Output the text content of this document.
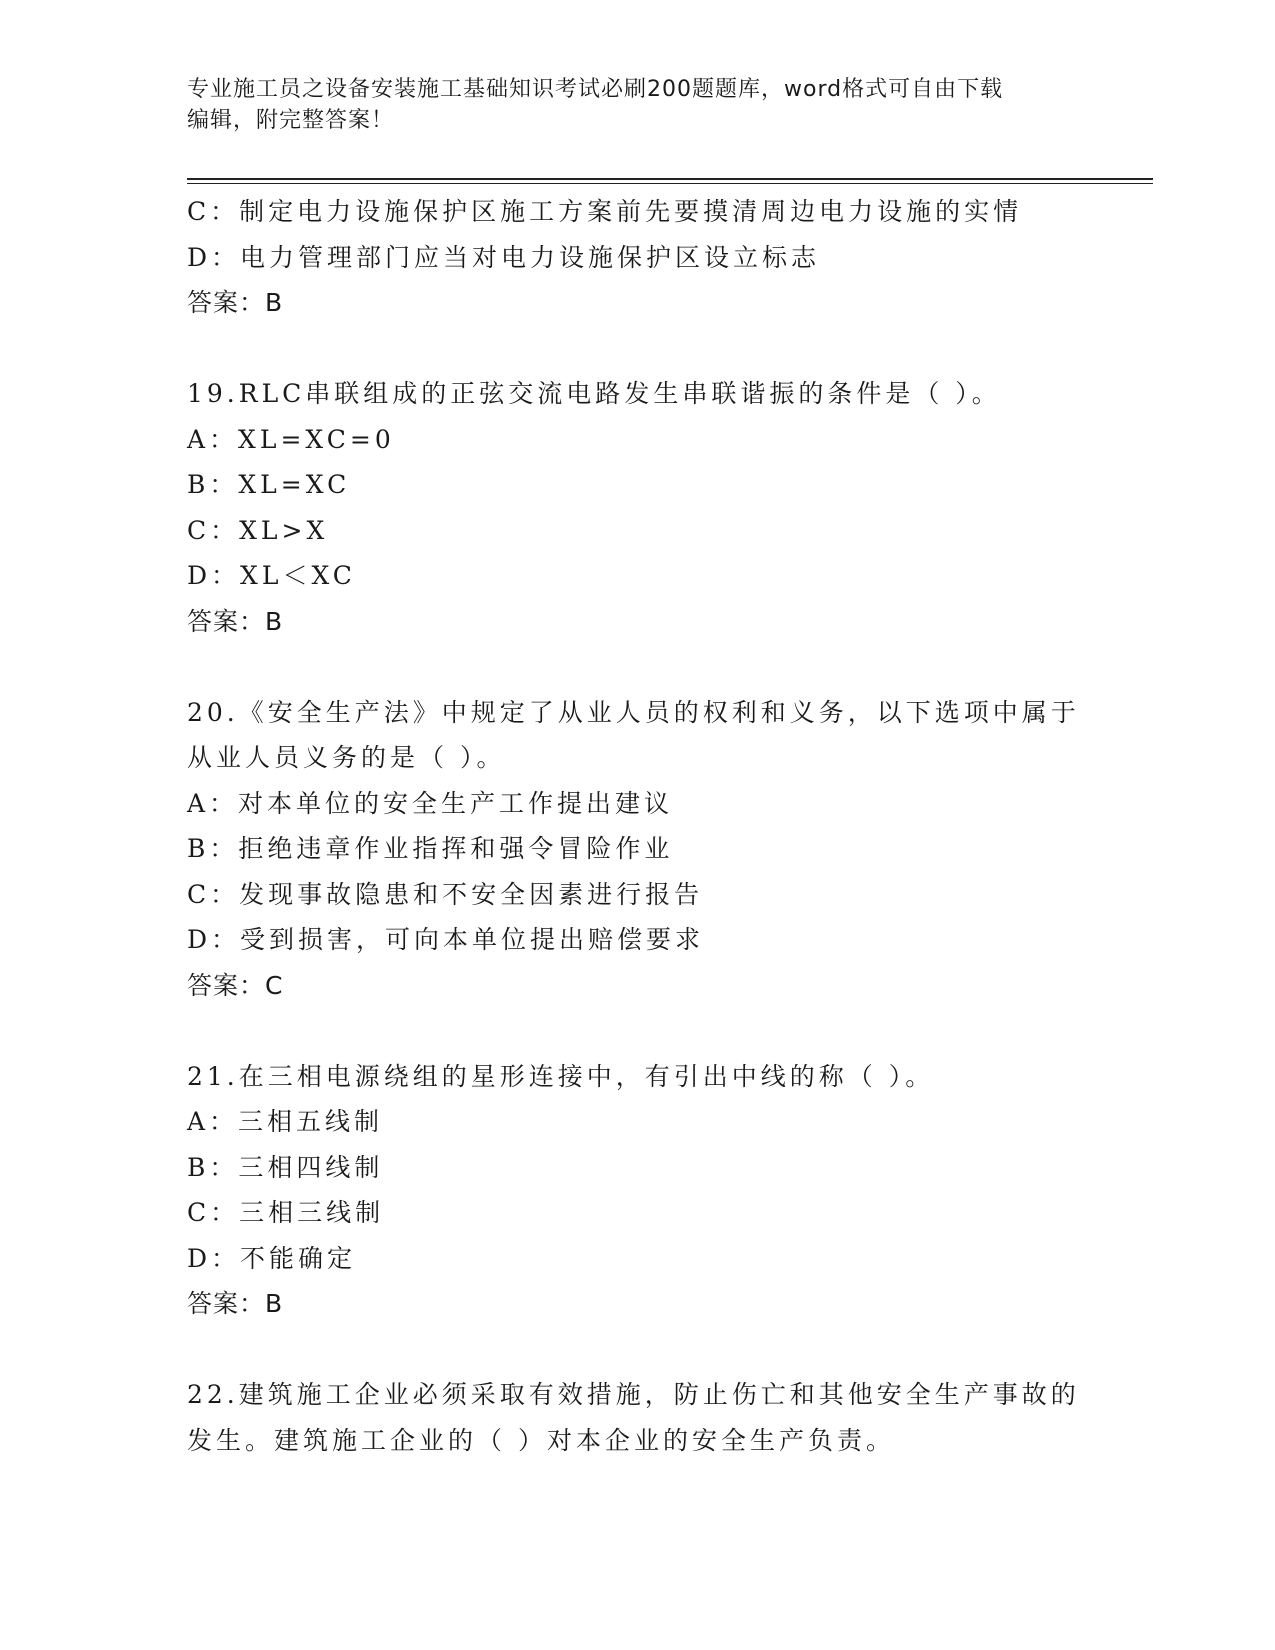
专业施工员之设备安装施工基础知识考试必刷200题题库，word格式可自由下载
编辑，附完整答案！
C：制定电力设施保护区施工方案前先要摸清周边电力设施的实情
D：电力管理部门应当对电力设施保护区设立标志
答案：B
19.RLC串联组成的正弦交流电路发生串联谐振的条件是（ ）。
A：XL=XC=0
B：XL=XC
C：XL>X
D：XL＜XC
答案：B
20.《安全生产法》中规定了从业人员的权利和义务，以下选项中属于
从业人员义务的是（ ）。
A：对本单位的安全生产工作提出建议
B：拒绝违章作业指挥和强令冒险作业
C：发现事故隐患和不安全因素进行报告
D：受到损害，可向本单位提出赔偿要求
答案：C
21.在三相电源绕组的星形连接中，有引出中线的称（ ）。
A：三相五线制
B：三相四线制
C：三相三线制
D：不能确定
答案：B
22.建筑施工企业必须采取有效措施，防止伤亡和其他安全生产事故的
发生。建筑施工企业的（ ）对本企业的安全生产负责。
